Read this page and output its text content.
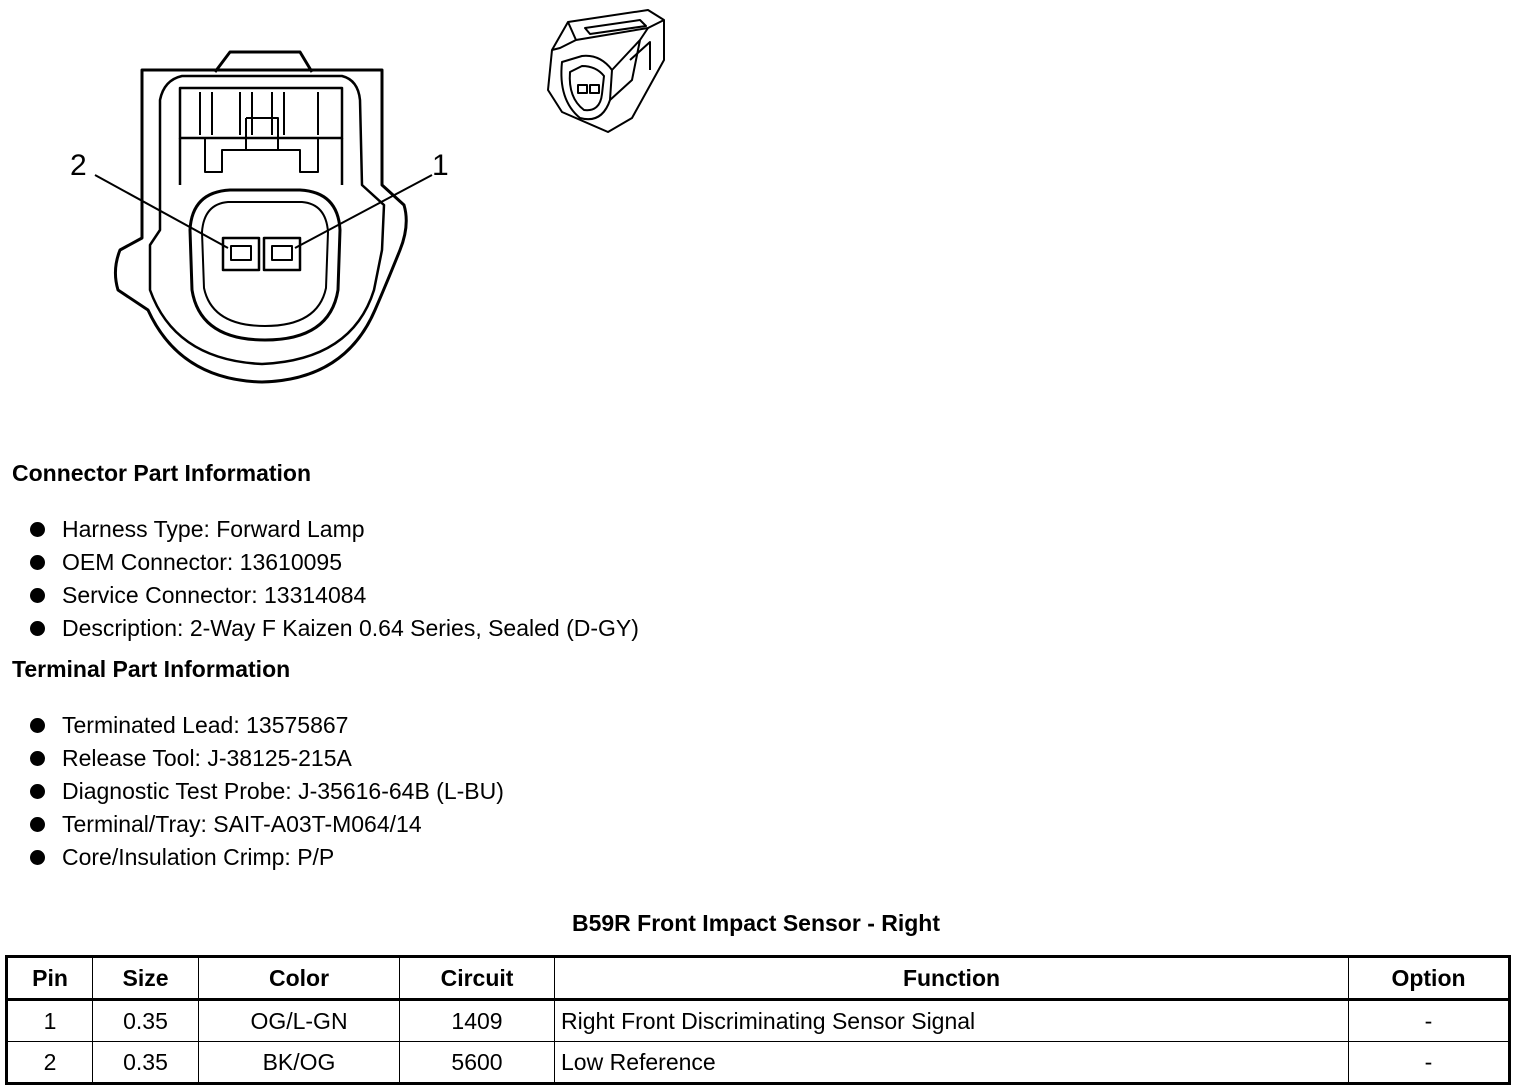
2	1
Connector Part Information
Harness Type: Forward Lamp
OEM Connector: 13610095
Service Connector: 13314084
Description: 2-Way F Kaizen 0.64 Series, Sealed (D-GY)
Terminal Part Information
Terminated Lead: 13575867
Release Tool: J-38125-215A
Diagnostic Test Probe: J-35616-64B (L-BU)
Terminal/Tray: SAIT-A03T-M064/14
Core/Insulation Crimp: P/P
B59R Front Impact Sensor - Right
Pin	Size	Color	Circuit	Function	Option
1	0.35	OG/L-GN	1409	Right Front Discriminating Sensor Signal	-
2	0.35	BK/OG	5600	Low Reference	-
